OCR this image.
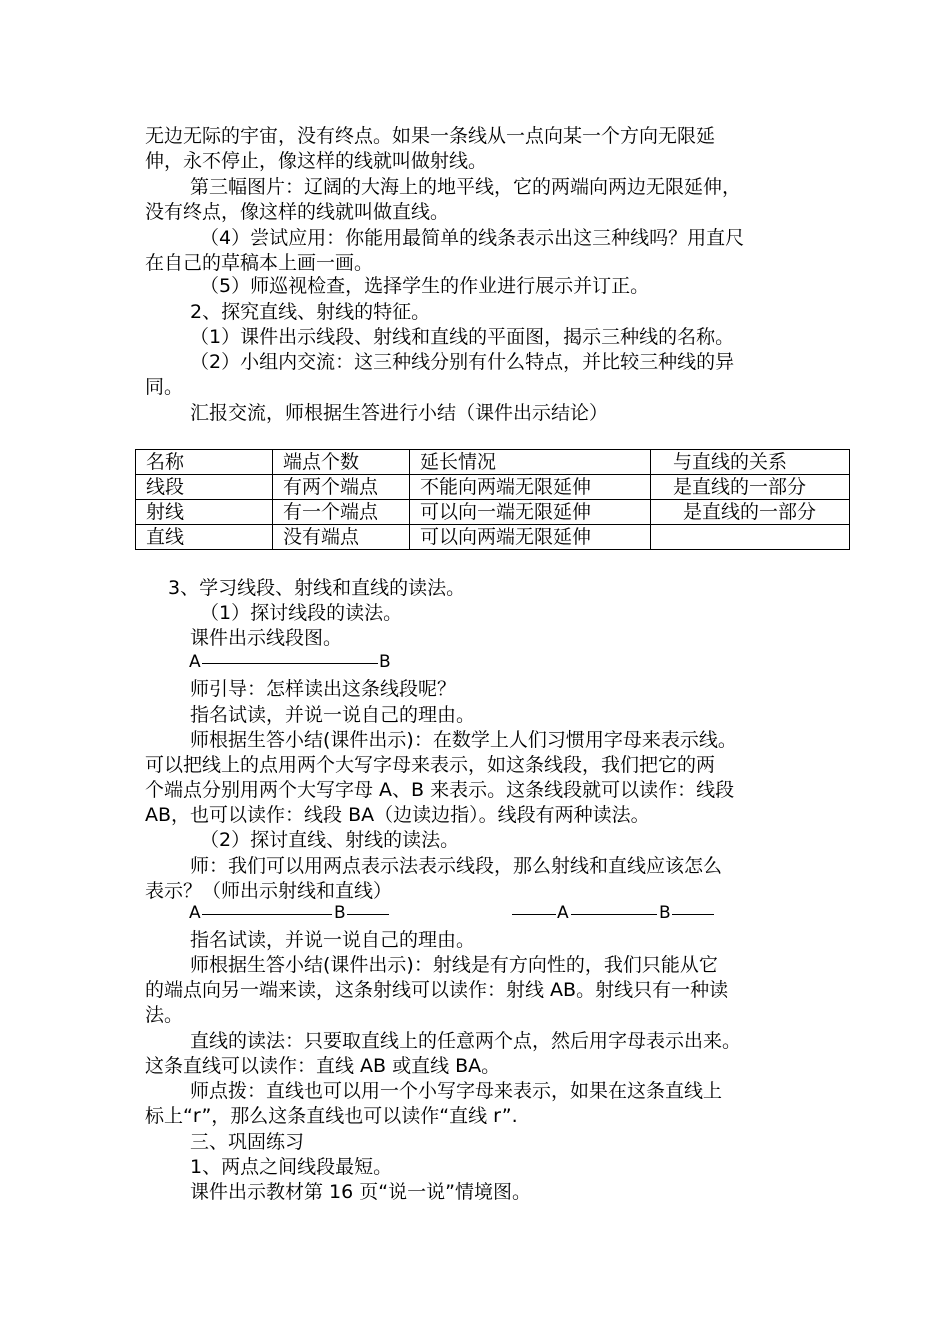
无边无际的宇宙，没有终点。如果一条线从一点向某一个方向无限延
伸，永不停止，像这样的线就叫做射线。
第三幅图片：辽阔的大海上的地平线，它的两端向两边无限延伸，
没有终点，像这样的线就叫做直线。
（4）尝试应用：你能用最简单的线条表示出这三种线吗？用直尺
在自己的草稿本上画一画。
（5）师巡视检查，选择学生的作业进行展示并订正。
2、探究直线、射线的特征。
（1）课件出示线段、射线和直线的平面图，揭示三种线的名称。
（2）小组内交流：这三种线分别有什么特点，并比较三种线的异
同。
汇报交流，师根据生答进行小结（课件出示结论）
名称	端点个数	延长情况	与直线的关系
线段	有两个端点	不能向两端无限延伸	是直线的一部分
射线	有一个端点	可以向一端无限延伸	是直线的一部分
直线	没有端点	可以向两端无限延伸	
3、学习线段、射线和直线的读法。
（1）探讨线段的读法。
课件出示线段图。
A	B
师引导：怎样读出这条线段呢？
指名试读，并说一说自己的理由。
师根据生答小结(课件出示)：在数学上人们习惯用字母来表示线。
可以把线上的点用两个大写字母来表示，如这条线段，我们把它的两
个端点分别用两个大写字母 A、B 来表示。这条线段就可以读作：线段
AB，也可以读作：线段 BA（边读边指）。线段有两种读法。
（2）探讨直线、射线的读法。
师：我们可以用两点表示法表示线段，那么射线和直线应该怎么
表示？（师出示射线和直线）
A	B	A	B
指名试读，并说一说自己的理由。
师根据生答小结(课件出示)：射线是有方向性的，我们只能从它
的端点向另一端来读，这条射线可以读作：射线 AB。射线只有一种读
法。
直线的读法：只要取直线上的任意两个点，然后用字母表示出来。
这条直线可以读作：直线 AB 或直线 BA。
师点拨：直线也可以用一个小写字母来表示，如果在这条直线上
标上“r”，那么这条直线也可以读作“直线 r”.
三、巩固练习
1、两点之间线段最短。
课件出示教材第 16 页“说一说”情境图。
